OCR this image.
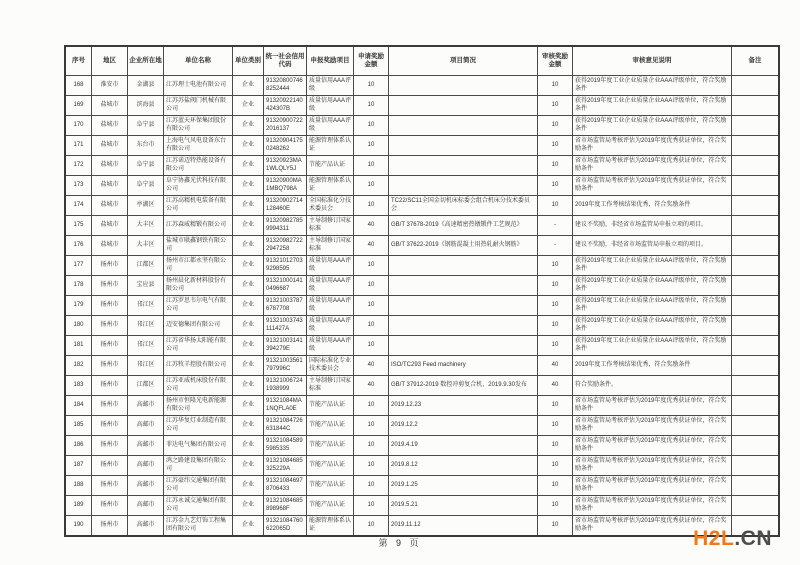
序号	地区	企业所在地	单位名称	单位类别	统一社会信用代码	申报奖励项目	申请奖励金额	项目简况	审核奖励金额	审核意见说明	备注
168	淮安市	金湖县	江苏理士电池有限公司	企业	913208007468252444	质量信用AAA评级	10		10	获得2019年度工业企业质量企业AAA评级单位，符合奖励条件	
169	盐城市	滨海县	江苏苏盐阀门机械有限公司	企业	91320922140424307B	质量信用AAA评级	10		10	获得2019年度工业企业质量企业AAA评级单位，符合奖励条件	
170	盐城市	阜宁县	江苏蓝天环保集团股份有限公司	企业	913209007222016137	质量信用AAA评级	10		10	获得2019年度工业企业质量企业AAA评级单位，符合奖励条件	
171	盐城市	东台市	上海电气风电设备东台有限公司	企业	913209041750248262	能源管理体系认证	10		10	省市场监管局考核评估为2019年度优秀获证单位，符合奖励条件	
172	盐城市	阜宁县	江苏诺迈特热能设备有限公司	企业	91320923MA1WLQLY5J	节能产品认证	10		10	省市场监管局考核评估为2019年度优秀获证单位，符合奖励条件	
173	盐城市	阜宁县	阜宁协鑫光伏科技有限公司	企业	91320900MA1MBQ798A	能源管理体系认证	10		10	省市场监管局考核评估为2019年度优秀获证单位，符合奖励条件	
174	盐城市	亭湖区	江苏高精机电装备有限公司	企业	91320902714128460E	全国标准化分技术委员会	10	TC22/SC11全国金切机床标委会组合机床分技术委员会	10	2019年度工作考核结果优秀，符合奖励条件	
175	盐城市	大丰区	江苏森威精锻有限公司	企业	913209827859994311	主导制修订国家标准	40	GB/T 37678-2019《高速精密热镦锻件工艺规范》	-	建议不奖励，非经省市场监管局申报立项的项目。	
176	盐城市	大丰区	盐城市联鑫钢铁有限公司	企业	913209827222947258	主导制修订国家标准	40	GB/T 37622-2019《钢筋混凝土用热轧耐火钢筋》	-	建议不奖励，非经省市场监管局申报立项的项目。	
177	扬州市	江都区	扬州市江都永坚有限公司	企业	913210127039298595	质量信用AAA评级	10		10	获得2019年度工业企业质量企业AAA评级单位，符合奖励条件	
178	扬州市	宝应县	扬州晨化新材料股份有限公司	企业	913210001410496687	质量信用AAA评级	10		10	获得2019年度工业企业质量企业AAA评级单位，符合奖励条件	
179	扬州市	邗江区	江苏罗思韦尔电气有限公司	企业	913210037876787708	质量信用AAA评级	10		10	获得2019年度工业企业质量企业AAA评级单位，符合奖励条件	
180	扬州市	邗江区	迈安德集团有限公司	企业	91321003743111427A	质量信用AAA评级	10		10	获得2019年度工业企业质量企业AAA评级单位，符合奖励条件	
181	扬州市	邗江区	江苏省华扬太阳能有限公司	企业	91321003141394279E	质量信用AAA评级	10		10	获得2019年度工业企业质量企业AAA评级单位，符合奖励条件	
182	扬州市	邗江区	江苏牧羊控股有限公司	企业	91321003561797996C	国际标准化专业技术委员会	40	ISO/TC293 Feed machinery	40	2019年度工作考核结果优秀，符合奖励条件	
183	扬州市	江都区	江苏亚威机床股份有限公司	企业	913210067241938999	主导制修订国家标准	40	GB/T 37912-2019 数控冲剪复合机，2019.9.30发布	40	符合奖励条件。	
184	扬州市	高邮市	扬州市恒隆光电新能源有限公司	企业	91321084MA1NQFLA0E	节能产品认证	10	2019.12.23	10	省市场监管局考核评估为2019年度优秀获证单位，符合奖励条件	
185	扬州市	高邮市	江苏华复灯业制造有限公司	企业	91321084726631844C	节能产品认证	10	2019.12.2	10	省市场监管局考核评估为2019年度优秀获证单位，符合奖励条件	
186	扬州市	高邮市	菲达电气集团有限公司	企业	913210845895985335	节能产品认证	10	2019.4.19	10	省市场监管局考核评估为2019年度优秀获证单位，符合奖励条件	
187	扬州市	高邮市	鸿之路建设集团有限公司	企业	91321084685325229A	节能产品认证	10	2019.8.12	10	省市场监管局考核评估为2019年度优秀获证单位，符合奖励条件	
188	扬州市	高邮市	江苏豪纬交通集团有限公司	企业	913210846978706433	节能产品认证	10	2019.1.25	10	省市场监管局考核评估为2019年度优秀获证单位，符合奖励条件	
189	扬州市	高邮市	江苏永诚交通集团有限公司	企业	91321084685898968F	节能产品认证	10	2019.5.21	10	省市场监管局考核评估为2019年度优秀获证单位，符合奖励条件	
190	扬州市	高邮市	江苏金九艺灯饰工程集团有限公司	企业	91321084760622065D	能源管理体系认证	10	2019.11.12	10	省市场监管局考核评估为2019年度优秀获证单位，符合奖励条件	
第 9 页	H2L.CN
